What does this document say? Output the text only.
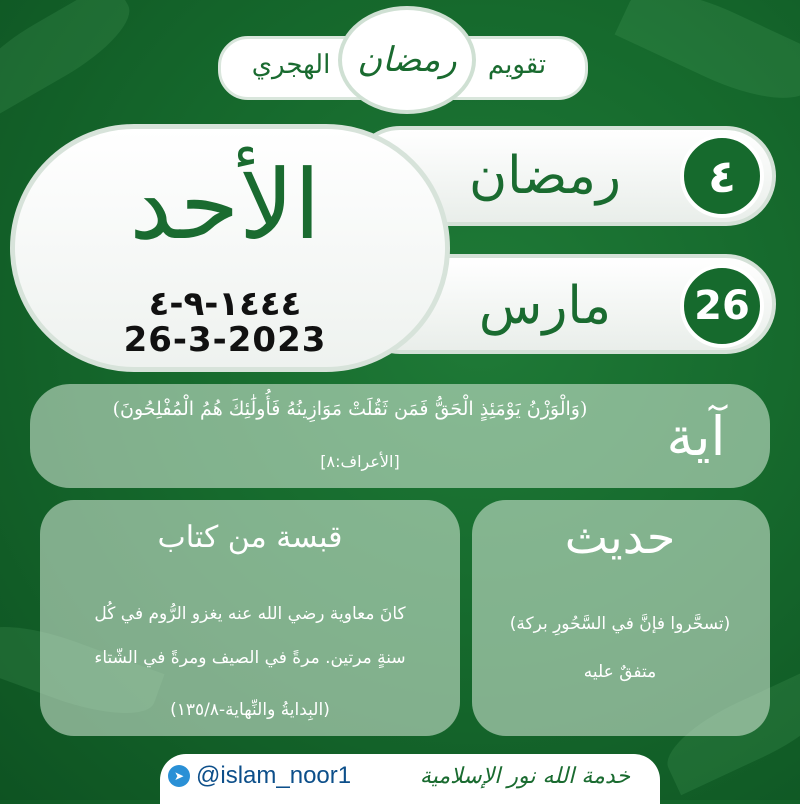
الهجري	تقويم
رمضان
رمضان	٤
مارس	26
الأحد
١٤٤٤-٩-٤
26-3-2023
آية
(وَالْوَزْنُ يَوْمَئِذٍ الْحَقُّ فَمَن ثَقُلَتْ مَوَازِينُهُ فَأُولَٰئِكَ هُمُ الْمُفْلِحُونَ)
[الأعراف:٨]
قبسة من كتاب
كانَ معاوية رضي الله عنه يغزو الرُّوم في كُل
سنةٍ مرتين. مرةً في الصيف ومرةً في الشّتاء
(البِدايةُ والنِّهاية-١٣٥/٨)
حديث
(تسحَّروا فإنَّ في السَّحُورِ بركة)
متفقٌ عليه
➤ @islam_noor1	خدمة الله نور الإسلامية
